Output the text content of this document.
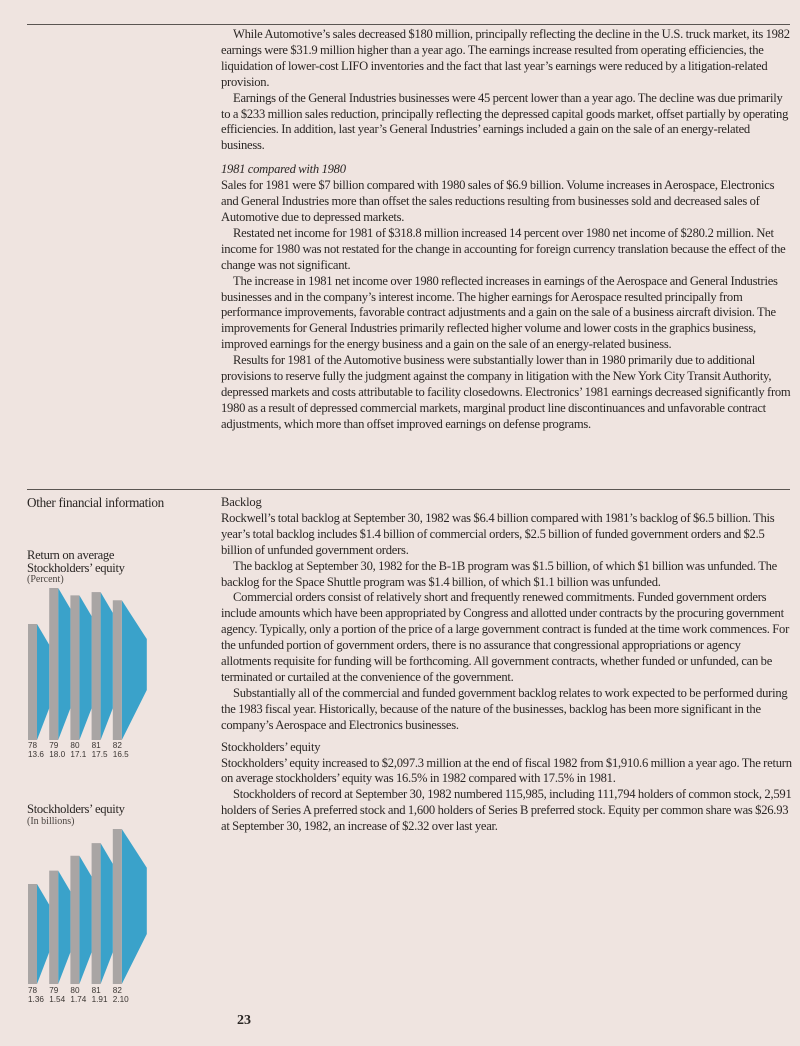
While Automotive’s sales decreased $180 million, principally reflecting the decline in the U.S. truck market, its 1982 earnings were $31.9 million higher than a year ago. The earnings increase resulted from operating efficiencies, the liquidation of lower-cost LIFO inventories and the fact that last year’s earnings were reduced by a litigation-related provision.

Earnings of the General Industries businesses were 45 percent lower than a year ago. The decline was due primarily to a $233 million sales reduction, principally reflecting the depressed capital goods market, offset partially by operating efficiencies. In addition, last year’s General Industries’ earnings included a gain on the sale of an energy-related business.

1981 compared with 1980

Sales for 1981 were $7 billion compared with 1980 sales of $6.9 billion. Volume increases in Aerospace, Electronics and General Industries more than offset the sales reductions resulting from businesses sold and decreased sales of Automotive due to depressed markets.

Restated net income for 1981 of $318.8 million increased 14 percent over 1980 net income of $280.2 million. Net income for 1980 was not restated for the change in accounting for foreign currency translation because the effect of the change was not significant.

The increase in 1981 net income over 1980 reflected increases in earnings of the Aerospace and General Industries businesses and in the company’s interest income. The higher earnings for Aerospace resulted principally from performance improvements, favorable contract adjustments and a gain on the sale of a business aircraft division. The improvements for General Industries primarily reflected higher volume and lower costs in the graphics business, improved earnings for the energy business and a gain on the sale of an energy-related business.

Results for 1981 of the Automotive business were substantially lower than in 1980 primarily due to additional provisions to reserve fully the judgment against the company in litigation with the New York City Transit Authority, depressed markets and costs attributable to facility closedowns. Electronics’ 1981 earnings decreased significantly from 1980 as a result of depressed commercial markets, marginal product line discontinuances and unfavorable contract adjustments, which more than offset improved earnings on defense programs.

Other financial information
Return on average
Stockholders’ equity
(Percent)
78
13.6
79
18.0
80
17.1
81
17.5
82
16.5
Stockholders’ equity
(In billions)
78
1.36
79
1.54
80
1.74
81
1.91
82
2.10

Backlog

Rockwell’s total backlog at September 30, 1982 was $6.4 billion compared with 1981’s backlog of $6.5 billion. This year’s total backlog includes $1.4 billion of commercial orders, $2.5 billion of funded government orders and $2.5 billion of unfunded government orders.

The backlog at September 30, 1982 for the B-1B program was $1.5 billion, of which $1 billion was unfunded. The backlog for the Space Shuttle program was $1.4 billion, of which $1.1 billion was unfunded.

Commercial orders consist of relatively short and frequently renewed commitments. Funded government orders include amounts which have been appropriated by Congress and allotted under contracts by the procuring government agency. Typically, only a portion of the price of a large government contract is funded at the time work commences. For the unfunded portion of government orders, there is no assurance that congressional appropriations or agency allotments requisite for funding will be forthcoming. All government contracts, whether funded or unfunded, can be terminated or curtailed at the convenience of the government.

Substantially all of the commercial and funded government backlog relates to work expected to be performed during the 1983 fiscal year. Historically, because of the nature of the businesses, backlog has been more significant in the company’s Aerospace and Electronics businesses.

Stockholders’ equity

Stockholders’ equity increased to $2,097.3 million at the end of fiscal 1982 from $1,910.6 million a year ago. The return on average stockholders’ equity was 16.5% in 1982 compared with 17.5% in 1981.

Stockholders of record at September 30, 1982 numbered 115,985, including 111,794 holders of common stock, 2,591 holders of Series A preferred stock and 1,600 holders of Series B preferred stock. Equity per common share was $26.93 at September 30, 1982, an increase of $2.32 over last year.

23
